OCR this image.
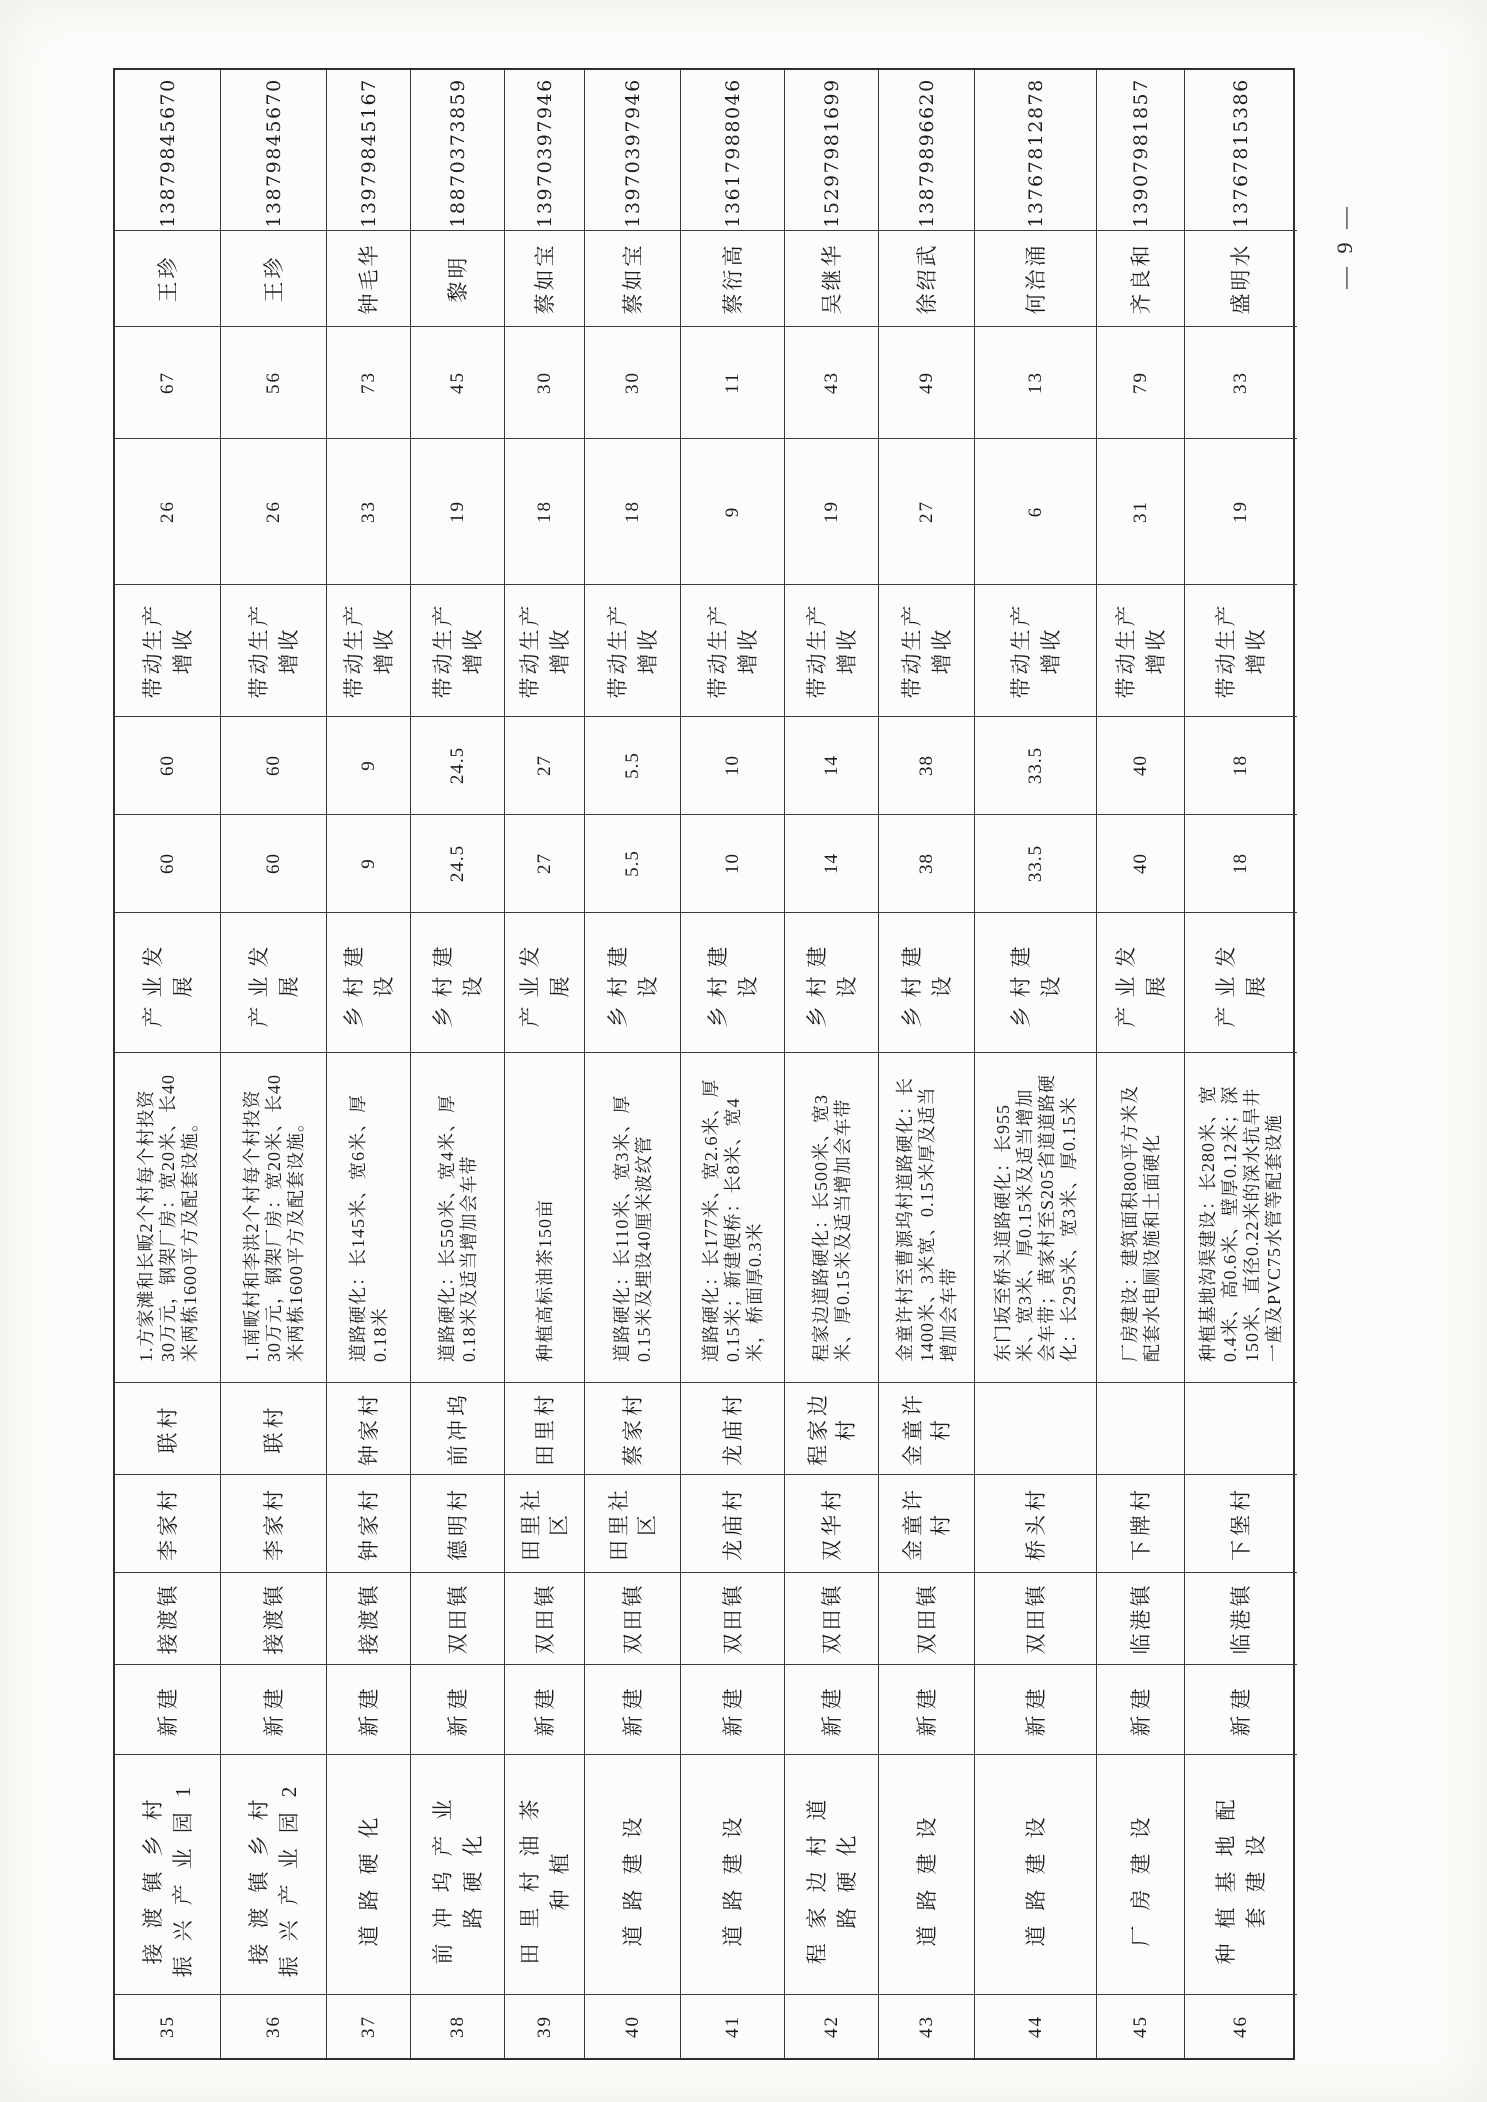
35
接渡镇乡村振兴产业园1
新建
接渡镇
李家村
联村
1.方家滩和长畈2个村每个村投资30万元，钢架厂房：宽20米、长40米两栋1600平方及配套设施。
产业发展
60
60
带动生产增收
26
67
王珍
13879845670
36
接渡镇乡村振兴产业园2
新建
接渡镇
李家村
联村
1.南畈村和李洪2个村每个村投资30万元，钢架厂房：宽20米、长40米两栋1600平方及配套设施。
产业发展
60
60
带动生产增收
26
56
王珍
13879845670
37
道路硬化
新建
接渡镇
钟家村
钟家村
道路硬化：长145米、宽6米、厚0.18米
乡村建设
9
9
带动生产增收
33
73
钟毛华
13979845167
38
前冲坞产业路硬化
新建
双田镇
德明村
前冲坞
道路硬化：长550米、宽4米、厚0.18米及适当增加会车带
乡村建设
24.5
24.5
带动生产增收
19
45
黎明
18870373859
39
田里村油茶种植
新建
双田镇
田里社区
田里村
种植高标油茶150亩
产业发展
27
27
带动生产增收
18
30
蔡如宝
13970397946
40
道路建设
新建
双田镇
田里社区
蔡家村
道路硬化：长110米、宽3米、厚0.15米及埋设40厘米波纹管
乡村建设
5.5
5.5
带动生产增收
18
30
蔡如宝
13970397946
41
道路建设
新建
双田镇
龙庙村
龙庙村
道路硬化：长177米、宽2.6米、厚0.15米；新建便桥：长8米、宽4米，桥面厚0.3米
乡村建设
10
10
带动生产增收
9
11
蔡衍高
13617988046
42
程家边村道路硬化
新建
双田镇
双华村
程家边村
程家边道路硬化：长500米、宽3米、厚0.15米及适当增加会车带
乡村建设
14
14
带动生产增收
19
43
吴继华
15297981699
43
道路建设
新建
双田镇
金童许村
金童许村
金童许村至曹源坞村道路硬化：长1400米、3米宽、0.15米厚及适当增加会车带
乡村建设
38
38
带动生产增收
27
49
徐绍武
13879896620
44
道路建设
新建
双田镇
桥头村
东门坂至桥头道路硬化：长955米、宽3米、厚0.15米及适当增加会车带；黄家村至S205省道道路硬化：长295米、宽3米、厚0.15米
乡村建设
33.5
33.5
带动生产增收
6
13
何治涌
13767812878
45
厂房建设
新建
临港镇
下牌村
厂房建设：建筑面积800平方米及配套水电厕设施和土面硬化
产业发展
40
40
带动生产增收
31
79
齐良和
13907981857
46
种植基地配套建设
新建
临港镇
下堡村
种植基地沟渠建设：长280米、宽0.4米、高0.6米、壁厚0.12米；深150米、直径0.22米的深水抗旱井一座及PVC75水管等配套设施
产业发展
18
18
带动生产增收
19
33
盛明水
13767815386
— 9 —
